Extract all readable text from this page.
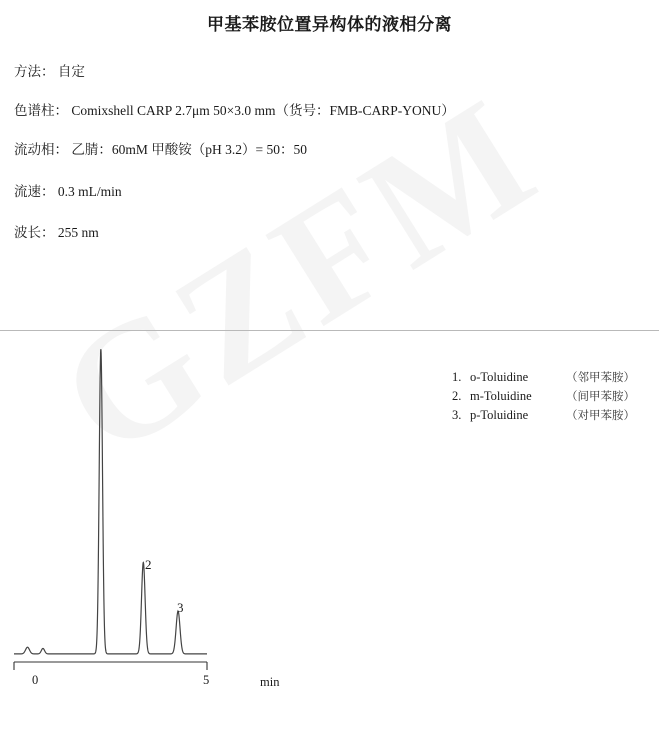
甲基苯胺位置异构体的液相分离
方法： 自定
色谱柱： Comixshell CARP 2.7μm 50×3.0 mm（货号：FMB-CARP-YONU）
流动相： 乙腈：60mM 甲酸铵（pH 3.2）= 50：50
流速： 0.3 mL/min
波长： 255 nm
2
3
0	5	min
1. o-Toluidine	（邻甲苯胺）
2. m-Toluidine	（间甲苯胺）
3. p-Toluidine	（对甲苯胺）
